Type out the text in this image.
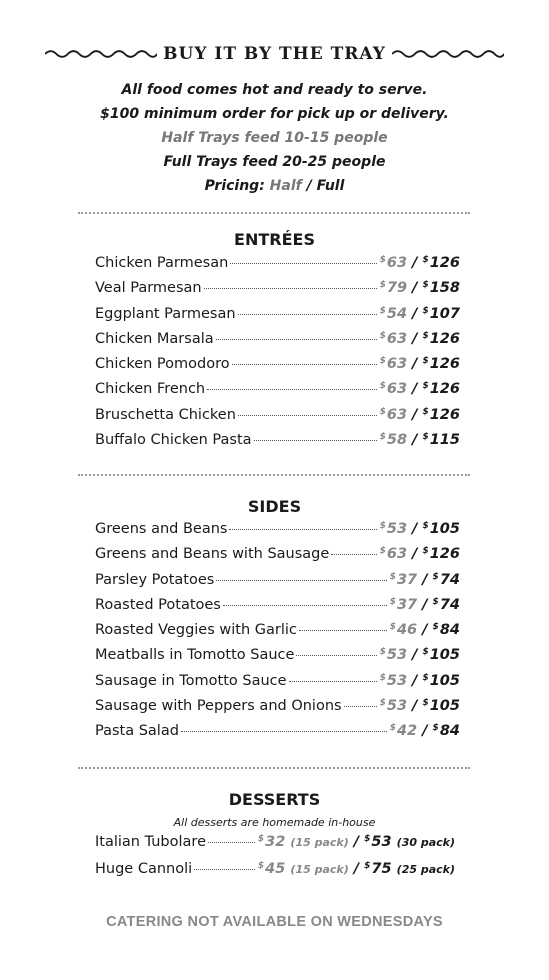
BUY IT BY THE TRAY
All food comes hot and ready to serve.
$100 minimum order for pick up or delivery.
Half Trays feed 10-15 people
Full Trays feed 20-25 people
Pricing: Half / Full
ENTRÉES
Chicken Parmesan	$63 / $126
Veal Parmesan	$79 / $158
Eggplant Parmesan	$54 / $107
Chicken Marsala	$63 / $126
Chicken Pomodoro	$63 / $126
Chicken French	$63 / $126
Bruschetta Chicken	$63 / $126
Buffalo Chicken Pasta	$58 / $115
SIDES
Greens and Beans	$53 / $105
Greens and Beans with Sausage	$63 / $126
Parsley Potatoes	$37 / $74
Roasted Potatoes	$37 / $74
Roasted Veggies with Garlic	$46 / $84
Meatballs in Tomotto Sauce	$53 / $105
Sausage in Tomotto Sauce	$53 / $105
Sausage with Peppers and Onions	$53 / $105
Pasta Salad	$42 / $84
DESSERTS
All desserts are homemade in-house
Italian Tubolare	$32 (15 pack) / $53 (30 pack)
Huge Cannoli	$45 (15 pack) / $75 (25 pack)
CATERING NOT AVAILABLE ON WEDNESDAYS
